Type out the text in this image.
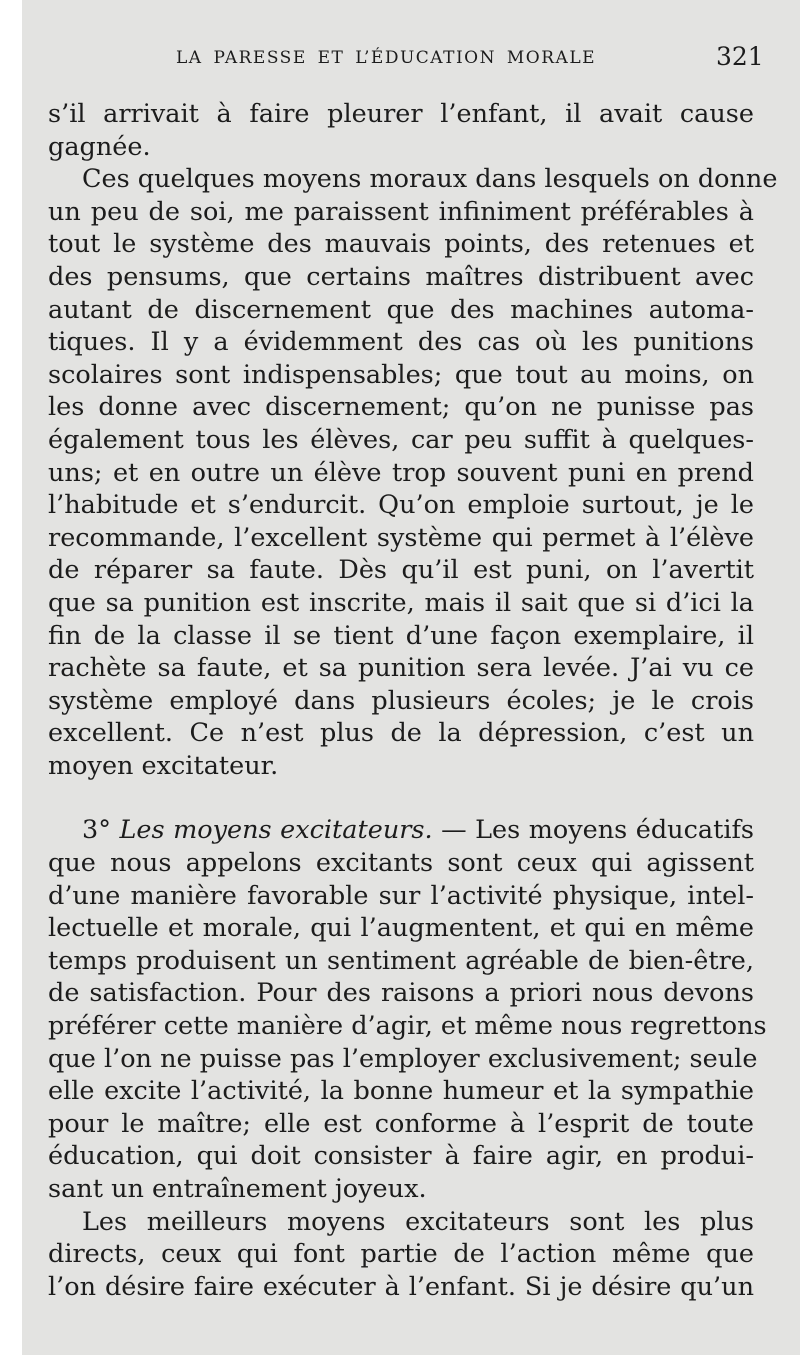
LA PARESSE ET L’ÉDUCATION MORALE	321
s’il arrivait à faire pleurer l’enfant, il avait cause
gagnée.
Ces quelques moyens moraux dans lesquels on donne
un peu de soi, me paraissent infiniment préférables à
tout le système des mauvais points, des retenues et
des pensums, que certains maîtres distribuent avec
autant de discernement que des machines automa-
tiques. Il y a évidemment des cas où les punitions
scolaires sont indispensables; que tout au moins, on
les donne avec discernement; qu’on ne punisse pas
également tous les élèves, car peu suffit à quelques-
uns; et en outre un élève trop souvent puni en prend
l’habitude et s’endurcit. Qu’on emploie surtout, je le
recommande, l’excellent système qui permet à l’élève
de réparer sa faute. Dès qu’il est puni, on l’avertit
que sa punition est inscrite, mais il sait que si d’ici la
fin de la classe il se tient d’une façon exemplaire, il
rachète sa faute, et sa punition sera levée. J’ai vu ce
système employé dans plusieurs écoles; je le crois
excellent. Ce n’est plus de la dépression, c’est un
moyen excitateur.
3° Les moyens excitateurs. — Les moyens éducatifs
que nous appelons excitants sont ceux qui agissent
d’une manière favorable sur l’activité physique, intel-
lectuelle et morale, qui l’augmentent, et qui en même
temps produisent un sentiment agréable de bien-être,
de satisfaction. Pour des raisons a priori nous devons
préférer cette manière d’agir, et même nous regrettons
que l’on ne puisse pas l’employer exclusivement; seule
elle excite l’activité, la bonne humeur et la sympathie
pour le maître; elle est conforme à l’esprit de toute
éducation, qui doit consister à faire agir, en produi-
sant un entraînement joyeux.
Les meilleurs moyens excitateurs sont les plus
directs, ceux qui font partie de l’action même que
l’on désire faire exécuter à l’enfant. Si je désire qu’un
